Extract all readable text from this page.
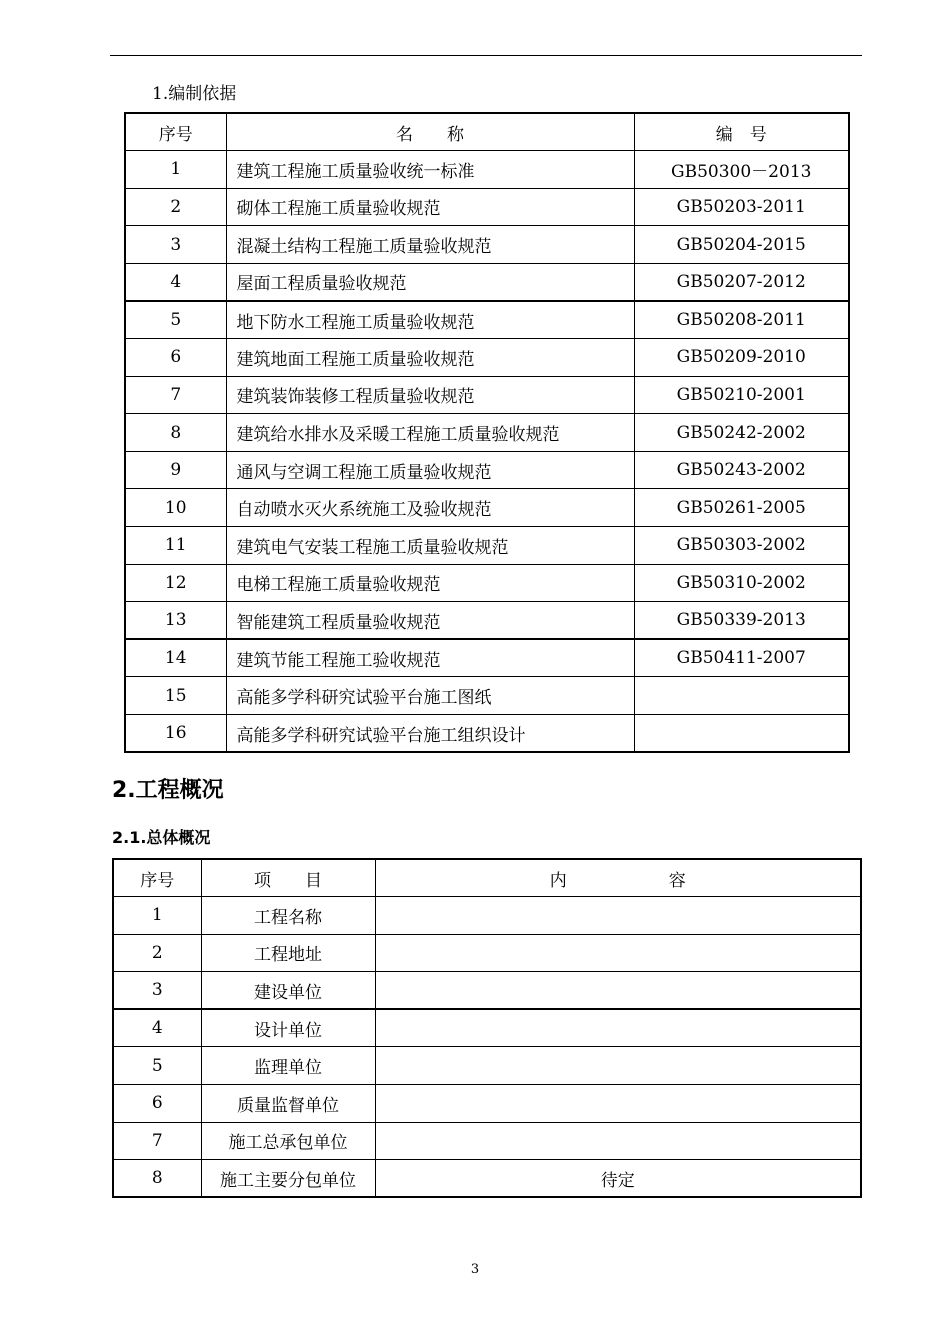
1.编制依据
序号	名　　称	编　号
1	建筑工程施工质量验收统一标准	GB50300－2013
2	砌体工程施工质量验收规范	GB50203-2011
3	混凝土结构工程施工质量验收规范	GB50204-2015
4	屋面工程质量验收规范	GB50207-2012
5	地下防水工程施工质量验收规范	GB50208-2011
6	建筑地面工程施工质量验收规范	GB50209-2010
7	建筑装饰装修工程质量验收规范	GB50210-2001
8	建筑给水排水及采暖工程施工质量验收规范	GB50242-2002
9	通风与空调工程施工质量验收规范	GB50243-2002
10	自动喷水灭火系统施工及验收规范	GB50261-2005
11	建筑电气安装工程施工质量验收规范	GB50303-2002
12	电梯工程施工质量验收规范	GB50310-2002
13	智能建筑工程质量验收规范	GB50339-2013
14	建筑节能工程施工验收规范	GB50411-2007
15	高能多学科研究试验平台施工图纸	
16	高能多学科研究试验平台施工组织设计	
2.工程概况
2.1.总体概况
序号	项　　目	内　　　　　　容
1	工程名称	
2	工程地址	
3	建设单位	
4	设计单位	
5	监理单位	
6	质量监督单位	
7	施工总承包单位	
8	施工主要分包单位	待定
3
